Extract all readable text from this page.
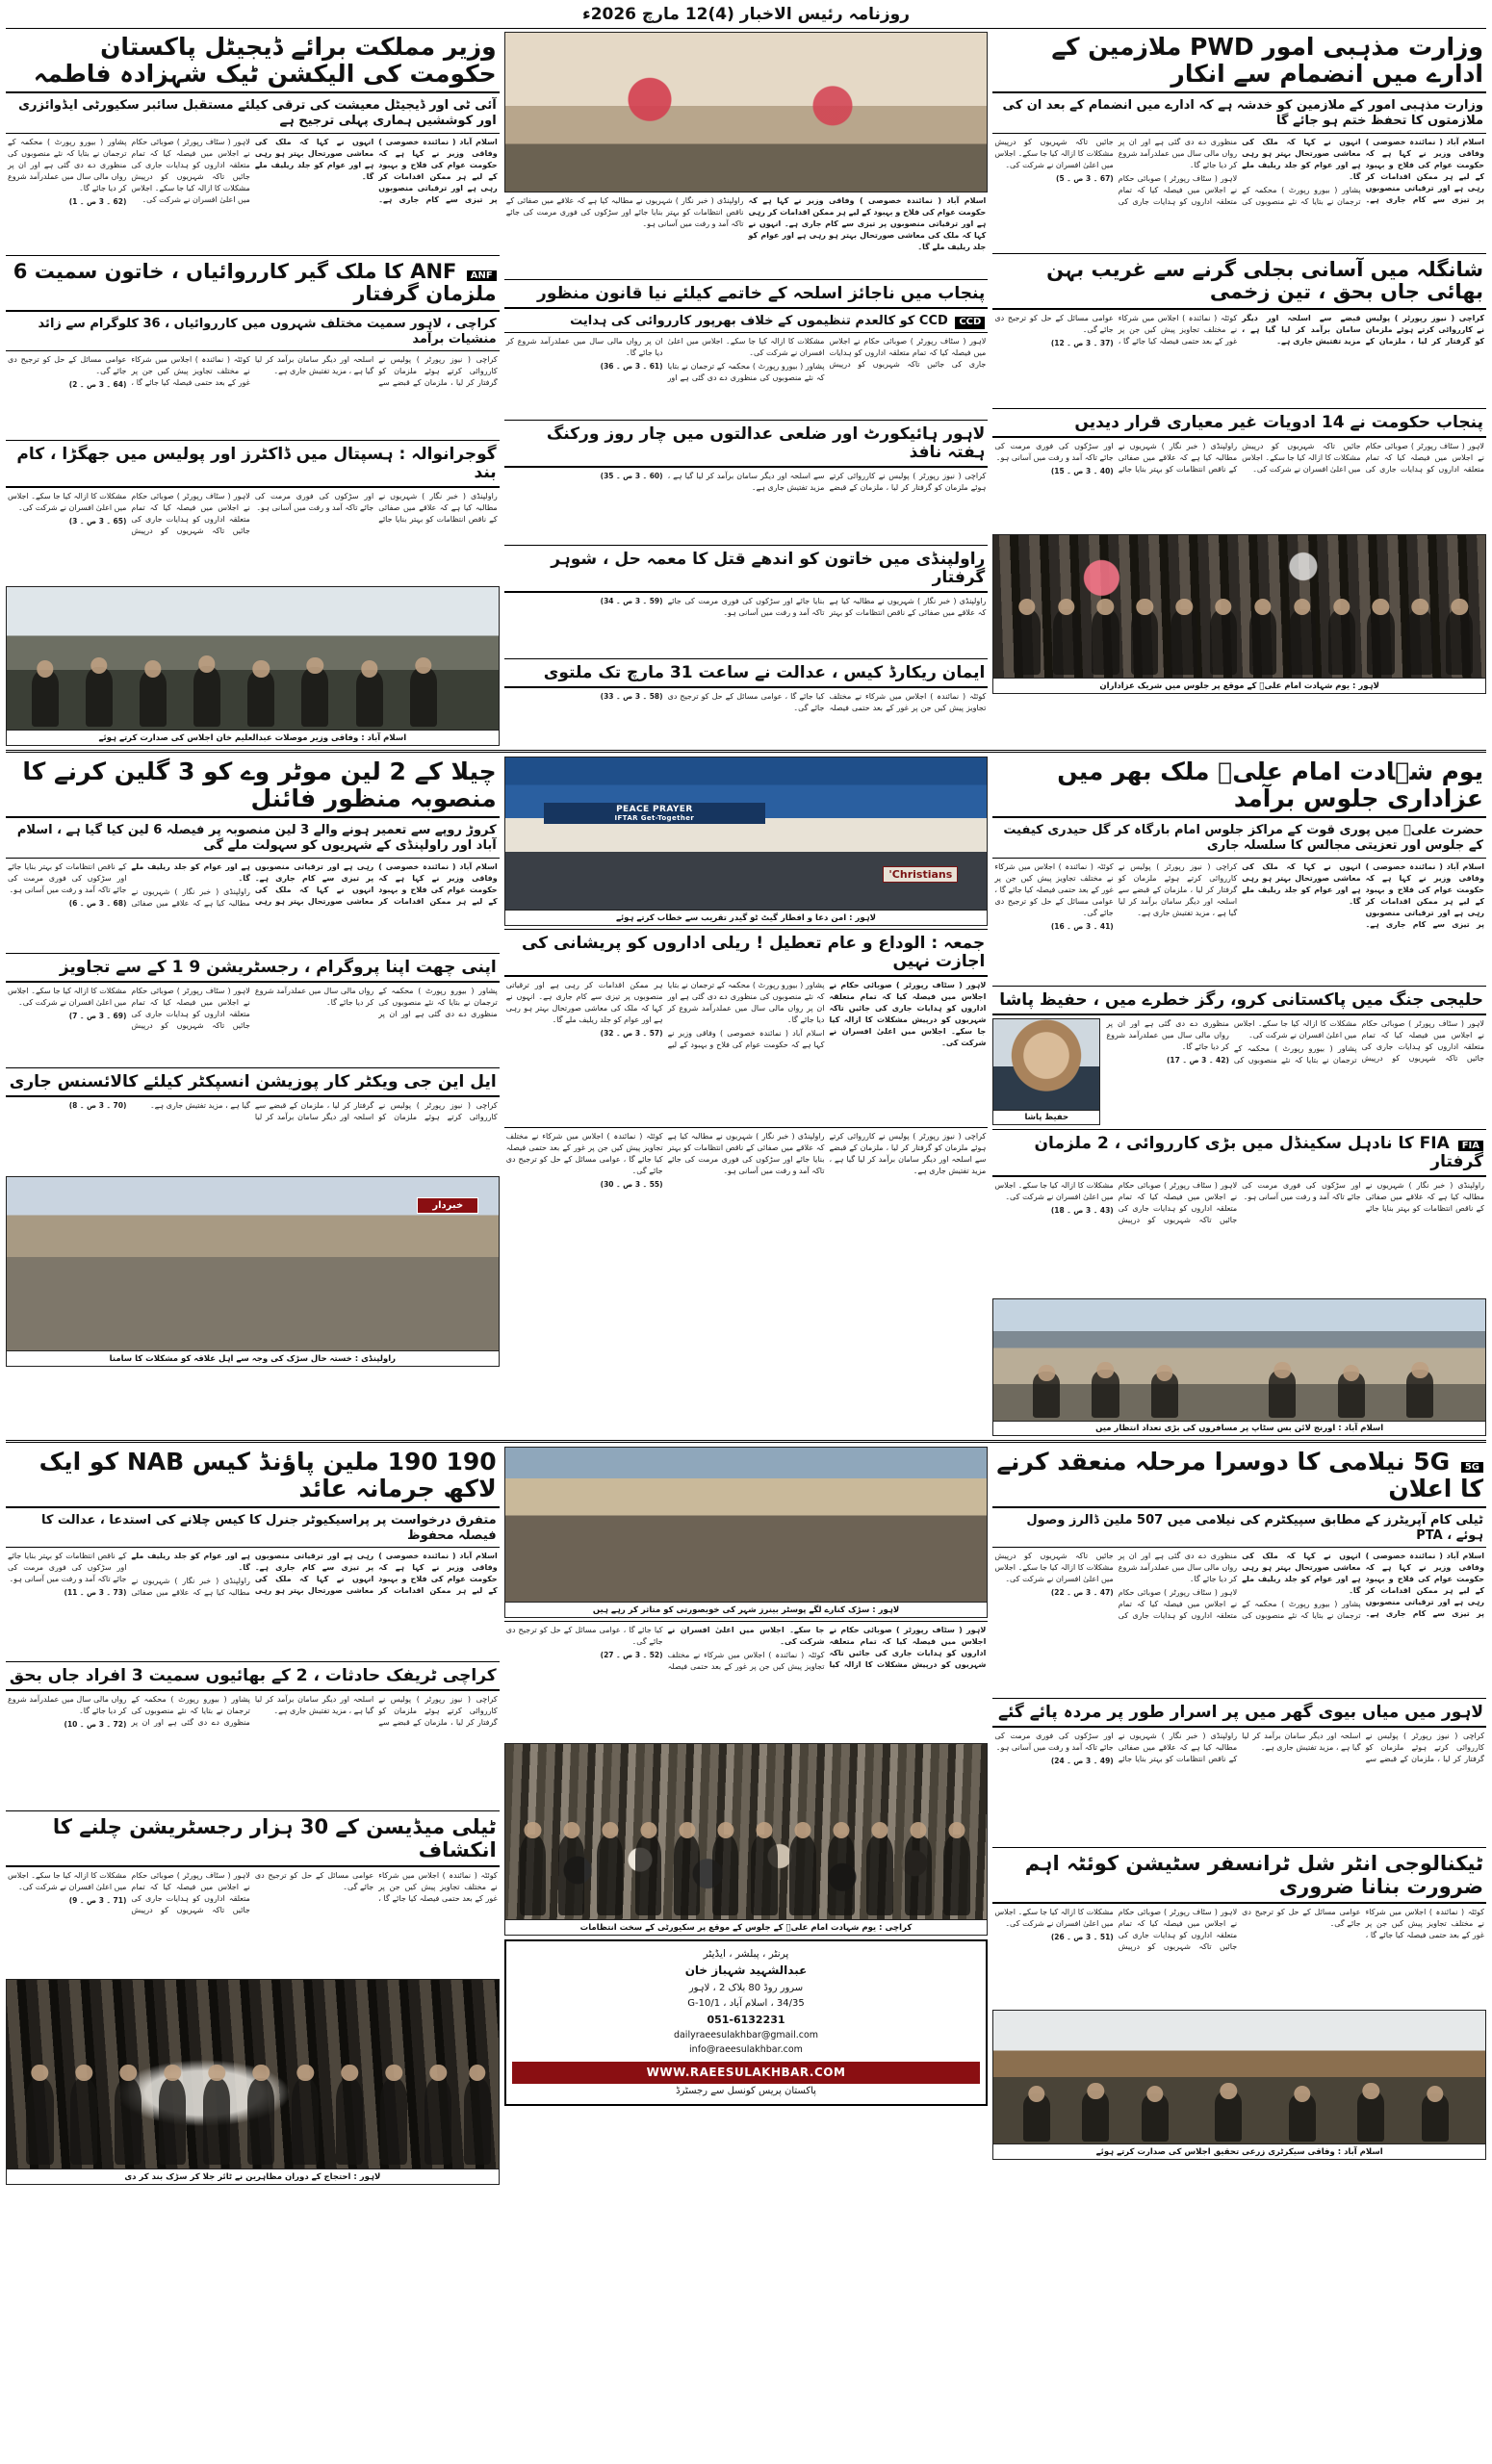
روزنامہ رئیس الاخبار (4)12 مارچ 2026ء
وزارت مذہبی امور PWD ملازمین کے ادارے میں انضمام سے انکار
وزارت مذہبی امور کے ملازمین کو خدشہ ہے کہ ادارے میں انضمام کے بعد ان کی ملازمتوں کا تحفظ ختم ہو جائے گا

اسلام آباد ( نمائندہ خصوصی ) وفاقی وزیر نے کہا ہے کہ حکومت عوام کی فلاح و بہبود کے لیے ہر ممکن اقدامات کر رہی ہے اور ترقیاتی منصوبوں پر تیزی سے کام جاری ہے۔ انہوں نے کہا کہ ملک کی معاشی صورتحال بہتر ہو رہی ہے اور عوام کو جلد ریلیف ملے گا۔

پشاور ( بیورو رپورٹ ) محکمہ کے ترجمان نے بتایا کہ نئے منصوبوں کی منظوری دے دی گئی ہے اور ان پر رواں مالی سال میں عملدرآمد شروع کر دیا جائے گا۔

لاہور ( سٹاف رپورٹر ) صوبائی حکام نے اجلاس میں فیصلہ کیا کہ تمام متعلقہ اداروں کو ہدایات جاری کی جائیں تاکہ شہریوں کو درپیش مشکلات کا ازالہ کیا جا سکے۔ اجلاس میں اعلیٰ افسران نے شرکت کی۔

(67 ۔ 3 ص ۔ 5)

شانگلہ میں آسانی بجلی گرنے سے غریب بہن بھائی جاں بحق ، تین زخمی

کراچی ( نیوز رپورٹر ) پولیس نے کارروائی کرتے ہوئے ملزمان کو گرفتار کر لیا ، ملزمان کے قبضے سے اسلحہ اور دیگر سامان برآمد کر لیا گیا ہے ، مزید تفتیش جاری ہے۔

کوئٹہ ( نمائندہ ) اجلاس میں شرکاء نے مختلف تجاویز پیش کیں جن پر غور کے بعد حتمی فیصلہ کیا جائے گا ، عوامی مسائل کے حل کو ترجیح دی جائے گی۔

(37 ۔ 3 ص ۔ 12)

پنجاب حکومت نے 14 ادویات غیر معیاری قرار دیدیں

لاہور ( سٹاف رپورٹر ) صوبائی حکام نے اجلاس میں فیصلہ کیا کہ تمام متعلقہ اداروں کو ہدایات جاری کی جائیں تاکہ شہریوں کو درپیش مشکلات کا ازالہ کیا جا سکے۔ اجلاس میں اعلیٰ افسران نے شرکت کی۔

راولپنڈی ( خبر نگار ) شہریوں نے مطالبہ کیا ہے کہ علاقے میں صفائی کے ناقص انتظامات کو بہتر بنایا جائے اور سڑکوں کی فوری مرمت کی جائے تاکہ آمد و رفت میں آسانی ہو۔

(40 ۔ 3 ص ۔ 15)

لاہور : یوم شہادت امام علیؓ کے موقع پر جلوس میں شریک عزاداران

اسلام آباد ( نمائندہ خصوصی ) وفاقی وزیر نے کہا ہے کہ حکومت عوام کی فلاح و بہبود کے لیے ہر ممکن اقدامات کر رہی ہے اور ترقیاتی منصوبوں پر تیزی سے کام جاری ہے۔ انہوں نے کہا کہ ملک کی معاشی صورتحال بہتر ہو رہی ہے اور عوام کو جلد ریلیف ملے گا۔

راولپنڈی ( خبر نگار ) شہریوں نے مطالبہ کیا ہے کہ علاقے میں صفائی کے ناقص انتظامات کو بہتر بنایا جائے اور سڑکوں کی فوری مرمت کی جائے تاکہ آمد و رفت میں آسانی ہو۔

پنجاب میں ناجائز اسلحہ کے خاتمے کیلئے نیا قانون منظور
CCD CCD کو کالعدم تنظیموں کے خلاف بھرپور کارروائی کی ہدایت

لاہور ( سٹاف رپورٹر ) صوبائی حکام نے اجلاس میں فیصلہ کیا کہ تمام متعلقہ اداروں کو ہدایات جاری کی جائیں تاکہ شہریوں کو درپیش مشکلات کا ازالہ کیا جا سکے۔ اجلاس میں اعلیٰ افسران نے شرکت کی۔

پشاور ( بیورو رپورٹ ) محکمہ کے ترجمان نے بتایا کہ نئے منصوبوں کی منظوری دے دی گئی ہے اور ان پر رواں مالی سال میں عملدرآمد شروع کر دیا جائے گا۔

(61 ۔ 3 ص ۔ 36)

لاہور ہائیکورٹ اور ضلعی عدالتوں میں چار روز ورکنگ ہفتہ نافذ

کراچی ( نیوز رپورٹر ) پولیس نے کارروائی کرتے ہوئے ملزمان کو گرفتار کر لیا ، ملزمان کے قبضے سے اسلحہ اور دیگر سامان برآمد کر لیا گیا ہے ، مزید تفتیش جاری ہے۔

(60 ۔ 3 ص ۔ 35)

راولپنڈی میں خاتون کو اندھے قتل کا معمہ حل ، شوہر گرفتار

راولپنڈی ( خبر نگار ) شہریوں نے مطالبہ کیا ہے کہ علاقے میں صفائی کے ناقص انتظامات کو بہتر بنایا جائے اور سڑکوں کی فوری مرمت کی جائے تاکہ آمد و رفت میں آسانی ہو۔

(59 ۔ 3 ص ۔ 34)

ایمان ریکارڈ کیس ، عدالت نے ساعت 31 مارچ تک ملتوی

کوئٹہ ( نمائندہ ) اجلاس میں شرکاء نے مختلف تجاویز پیش کیں جن پر غور کے بعد حتمی فیصلہ کیا جائے گا ، عوامی مسائل کے حل کو ترجیح دی جائے گی۔

(58 ۔ 3 ص ۔ 33)

وزیر مملکت برائے ڈیجیٹل پاکستان حکومت کی الیکشن ٹیک شہزادہ فاطمہ
آئی ٹی اور ڈیجیٹل معیشت کی ترقی کیلئے مستقبل سائبر سکیورٹی ایڈوائزری اور کوششیں ہماری پہلی ترجیح ہے

اسلام آباد ( نمائندہ خصوصی ) وفاقی وزیر نے کہا ہے کہ حکومت عوام کی فلاح و بہبود کے لیے ہر ممکن اقدامات کر رہی ہے اور ترقیاتی منصوبوں پر تیزی سے کام جاری ہے۔ انہوں نے کہا کہ ملک کی معاشی صورتحال بہتر ہو رہی ہے اور عوام کو جلد ریلیف ملے گا۔

لاہور ( سٹاف رپورٹر ) صوبائی حکام نے اجلاس میں فیصلہ کیا کہ تمام متعلقہ اداروں کو ہدایات جاری کی جائیں تاکہ شہریوں کو درپیش مشکلات کا ازالہ کیا جا سکے۔ اجلاس میں اعلیٰ افسران نے شرکت کی۔

پشاور ( بیورو رپورٹ ) محکمہ کے ترجمان نے بتایا کہ نئے منصوبوں کی منظوری دے دی گئی ہے اور ان پر رواں مالی سال میں عملدرآمد شروع کر دیا جائے گا۔

(62 ۔ 3 ص ۔ 1)

ANF ANF کا ملک گیر کارروائیاں ، خاتون سمیت 6 ملزمان گرفتار
کراچی ، لاہور سمیت مختلف شہروں میں کارروائیاں ، 36 کلوگرام سے زائد منشیات برآمد

کراچی ( نیوز رپورٹر ) پولیس نے کارروائی کرتے ہوئے ملزمان کو گرفتار کر لیا ، ملزمان کے قبضے سے اسلحہ اور دیگر سامان برآمد کر لیا گیا ہے ، مزید تفتیش جاری ہے۔

کوئٹہ ( نمائندہ ) اجلاس میں شرکاء نے مختلف تجاویز پیش کیں جن پر غور کے بعد حتمی فیصلہ کیا جائے گا ، عوامی مسائل کے حل کو ترجیح دی جائے گی۔

(64 ۔ 3 ص ۔ 2)

گوجرانوالہ : ہسپتال میں ڈاکٹرز اور پولیس میں جھگڑا ، کام بند

راولپنڈی ( خبر نگار ) شہریوں نے مطالبہ کیا ہے کہ علاقے میں صفائی کے ناقص انتظامات کو بہتر بنایا جائے اور سڑکوں کی فوری مرمت کی جائے تاکہ آمد و رفت میں آسانی ہو۔

لاہور ( سٹاف رپورٹر ) صوبائی حکام نے اجلاس میں فیصلہ کیا کہ تمام متعلقہ اداروں کو ہدایات جاری کی جائیں تاکہ شہریوں کو درپیش مشکلات کا ازالہ کیا جا سکے۔ اجلاس میں اعلیٰ افسران نے شرکت کی۔

(65 ۔ 3 ص ۔ 3)

اسلام آباد : وفاقی وزیر موصلات عبدالعلیم خان اجلاس کی صدارت کرتے ہوئے
یوم شہادت امام علیؓ ملک بھر میں عزاداری جلوس برآمد
حضرت علیؓ میں پوری قوت کے مراکز جلوس امام بارگاہ کر گل حیدری کیفیت کے جلوس اور تعزیتی مجالس کا سلسلہ جاری

اسلام آباد ( نمائندہ خصوصی ) وفاقی وزیر نے کہا ہے کہ حکومت عوام کی فلاح و بہبود کے لیے ہر ممکن اقدامات کر رہی ہے اور ترقیاتی منصوبوں پر تیزی سے کام جاری ہے۔ انہوں نے کہا کہ ملک کی معاشی صورتحال بہتر ہو رہی ہے اور عوام کو جلد ریلیف ملے گا۔

کراچی ( نیوز رپورٹر ) پولیس نے کارروائی کرتے ہوئے ملزمان کو گرفتار کر لیا ، ملزمان کے قبضے سے اسلحہ اور دیگر سامان برآمد کر لیا گیا ہے ، مزید تفتیش جاری ہے۔

کوئٹہ ( نمائندہ ) اجلاس میں شرکاء نے مختلف تجاویز پیش کیں جن پر غور کے بعد حتمی فیصلہ کیا جائے گا ، عوامی مسائل کے حل کو ترجیح دی جائے گی۔

(41 ۔ 3 ص ۔ 16)

حلیجی جنگ میں پاکستانی کرو، رگز خطرے میں ، حفیظ پاشا

لاہور ( سٹاف رپورٹر ) صوبائی حکام نے اجلاس میں فیصلہ کیا کہ تمام متعلقہ اداروں کو ہدایات جاری کی جائیں تاکہ شہریوں کو درپیش مشکلات کا ازالہ کیا جا سکے۔ اجلاس میں اعلیٰ افسران نے شرکت کی۔

پشاور ( بیورو رپورٹ ) محکمہ کے ترجمان نے بتایا کہ نئے منصوبوں کی منظوری دے دی گئی ہے اور ان پر رواں مالی سال میں عملدرآمد شروع کر دیا جائے گا۔

(42 ۔ 3 ص ۔ 17)

حفیظ پاشا
FIA FIA کا نادہل سکینڈل میں بڑی کارروائی ، 2 ملزمان گرفتار

راولپنڈی ( خبر نگار ) شہریوں نے مطالبہ کیا ہے کہ علاقے میں صفائی کے ناقص انتظامات کو بہتر بنایا جائے اور سڑکوں کی فوری مرمت کی جائے تاکہ آمد و رفت میں آسانی ہو۔

لاہور ( سٹاف رپورٹر ) صوبائی حکام نے اجلاس میں فیصلہ کیا کہ تمام متعلقہ اداروں کو ہدایات جاری کی جائیں تاکہ شہریوں کو درپیش مشکلات کا ازالہ کیا جا سکے۔ اجلاس میں اعلیٰ افسران نے شرکت کی۔

(43 ۔ 3 ص ۔ 18)

اسلام آباد : اورنج لائن بس سٹاپ پر مسافروں کی بڑی تعداد انتظار میں
PEACE PRAYER
IFTAR Get-Together
Christians'
لاہور : امن دعا و افطار گیٹ ٹو گیدر تقریب سے خطاب کرتے ہوئے
جمعہ : الوداع و عام تعطیل ! ریلی اداروں کو پریشانی کی اجازت نہیں

لاہور ( سٹاف رپورٹر ) صوبائی حکام نے اجلاس میں فیصلہ کیا کہ تمام متعلقہ اداروں کو ہدایات جاری کی جائیں تاکہ شہریوں کو درپیش مشکلات کا ازالہ کیا جا سکے۔ اجلاس میں اعلیٰ افسران نے شرکت کی۔

پشاور ( بیورو رپورٹ ) محکمہ کے ترجمان نے بتایا کہ نئے منصوبوں کی منظوری دے دی گئی ہے اور ان پر رواں مالی سال میں عملدرآمد شروع کر دیا جائے گا۔

اسلام آباد ( نمائندہ خصوصی ) وفاقی وزیر نے کہا ہے کہ حکومت عوام کی فلاح و بہبود کے لیے ہر ممکن اقدامات کر رہی ہے اور ترقیاتی منصوبوں پر تیزی سے کام جاری ہے۔ انہوں نے کہا کہ ملک کی معاشی صورتحال بہتر ہو رہی ہے اور عوام کو جلد ریلیف ملے گا۔

(57 ۔ 3 ص ۔ 32)

کراچی ( نیوز رپورٹر ) پولیس نے کارروائی کرتے ہوئے ملزمان کو گرفتار کر لیا ، ملزمان کے قبضے سے اسلحہ اور دیگر سامان برآمد کر لیا گیا ہے ، مزید تفتیش جاری ہے۔

راولپنڈی ( خبر نگار ) شہریوں نے مطالبہ کیا ہے کہ علاقے میں صفائی کے ناقص انتظامات کو بہتر بنایا جائے اور سڑکوں کی فوری مرمت کی جائے تاکہ آمد و رفت میں آسانی ہو۔

کوئٹہ ( نمائندہ ) اجلاس میں شرکاء نے مختلف تجاویز پیش کیں جن پر غور کے بعد حتمی فیصلہ کیا جائے گا ، عوامی مسائل کے حل کو ترجیح دی جائے گی۔

(55 ۔ 3 ص ۔ 30)

چیلا کے 2 لین موٹر وے کو 3 گلین کرنے کا منصوبہ منظور فائنل
کروڑ روپے سے تعمیر ہونے والے 3 لین منصوبہ پر فیصلہ 6 لین کیا گیا ہے ، اسلام آباد اور راولپنڈی کے شہریوں کو سہولت ملے گی

اسلام آباد ( نمائندہ خصوصی ) وفاقی وزیر نے کہا ہے کہ حکومت عوام کی فلاح و بہبود کے لیے ہر ممکن اقدامات کر رہی ہے اور ترقیاتی منصوبوں پر تیزی سے کام جاری ہے۔ انہوں نے کہا کہ ملک کی معاشی صورتحال بہتر ہو رہی ہے اور عوام کو جلد ریلیف ملے گا۔

راولپنڈی ( خبر نگار ) شہریوں نے مطالبہ کیا ہے کہ علاقے میں صفائی کے ناقص انتظامات کو بہتر بنایا جائے اور سڑکوں کی فوری مرمت کی جائے تاکہ آمد و رفت میں آسانی ہو۔

(68 ۔ 3 ص ۔ 6)

اپنی چھت اپنا پروگرام ، رجسٹریشن 9 1 کے سے تجاویز

پشاور ( بیورو رپورٹ ) محکمہ کے ترجمان نے بتایا کہ نئے منصوبوں کی منظوری دے دی گئی ہے اور ان پر رواں مالی سال میں عملدرآمد شروع کر دیا جائے گا۔

لاہور ( سٹاف رپورٹر ) صوبائی حکام نے اجلاس میں فیصلہ کیا کہ تمام متعلقہ اداروں کو ہدایات جاری کی جائیں تاکہ شہریوں کو درپیش مشکلات کا ازالہ کیا جا سکے۔ اجلاس میں اعلیٰ افسران نے شرکت کی۔

(69 ۔ 3 ص ۔ 7)

ایل این جی ویکٹر کار پوزیشن انسپکٹر کیلئے کالائسنس جاری

کراچی ( نیوز رپورٹر ) پولیس نے کارروائی کرتے ہوئے ملزمان کو گرفتار کر لیا ، ملزمان کے قبضے سے اسلحہ اور دیگر سامان برآمد کر لیا گیا ہے ، مزید تفتیش جاری ہے۔

(70 ۔ 3 ص ۔ 8)

خبردار
راولپنڈی : خستہ حال سڑک کی وجہ سے اہل علاقہ کو مشکلات کا سامنا
5G 5G نیلامی کا دوسرا مرحلہ منعقد کرنے کا اعلان
ٹیلی کام آپریٹرز کے مطابق سپیکٹرم کی نیلامی میں 507 ملین ڈالرز وصول ہوئے ، PTA

اسلام آباد ( نمائندہ خصوصی ) وفاقی وزیر نے کہا ہے کہ حکومت عوام کی فلاح و بہبود کے لیے ہر ممکن اقدامات کر رہی ہے اور ترقیاتی منصوبوں پر تیزی سے کام جاری ہے۔ انہوں نے کہا کہ ملک کی معاشی صورتحال بہتر ہو رہی ہے اور عوام کو جلد ریلیف ملے گا۔

پشاور ( بیورو رپورٹ ) محکمہ کے ترجمان نے بتایا کہ نئے منصوبوں کی منظوری دے دی گئی ہے اور ان پر رواں مالی سال میں عملدرآمد شروع کر دیا جائے گا۔

لاہور ( سٹاف رپورٹر ) صوبائی حکام نے اجلاس میں فیصلہ کیا کہ تمام متعلقہ اداروں کو ہدایات جاری کی جائیں تاکہ شہریوں کو درپیش مشکلات کا ازالہ کیا جا سکے۔ اجلاس میں اعلیٰ افسران نے شرکت کی۔

(47 ۔ 3 ص ۔ 22)

لاہور میں میاں بیوی گھر میں پر اسرار طور پر مردہ پائے گئے

کراچی ( نیوز رپورٹر ) پولیس نے کارروائی کرتے ہوئے ملزمان کو گرفتار کر لیا ، ملزمان کے قبضے سے اسلحہ اور دیگر سامان برآمد کر لیا گیا ہے ، مزید تفتیش جاری ہے۔

راولپنڈی ( خبر نگار ) شہریوں نے مطالبہ کیا ہے کہ علاقے میں صفائی کے ناقص انتظامات کو بہتر بنایا جائے اور سڑکوں کی فوری مرمت کی جائے تاکہ آمد و رفت میں آسانی ہو۔

(49 ۔ 3 ص ۔ 24)

ٹیکنالوجی انٹر شل ٹرانسفر سٹیشن کوئٹہ اہم ضرورت بنانا ضروری

کوئٹہ ( نمائندہ ) اجلاس میں شرکاء نے مختلف تجاویز پیش کیں جن پر غور کے بعد حتمی فیصلہ کیا جائے گا ، عوامی مسائل کے حل کو ترجیح دی جائے گی۔

لاہور ( سٹاف رپورٹر ) صوبائی حکام نے اجلاس میں فیصلہ کیا کہ تمام متعلقہ اداروں کو ہدایات جاری کی جائیں تاکہ شہریوں کو درپیش مشکلات کا ازالہ کیا جا سکے۔ اجلاس میں اعلیٰ افسران نے شرکت کی۔

(51 ۔ 3 ص ۔ 26)

اسلام آباد : وفاقی سیکرٹری زرعی تحقیق اجلاس کی صدارت کرتے ہوئے
لاہور : سڑک کنارے لگے پوسٹر بینرز شہر کی خوبصورتی کو متاثر کر رہے ہیں

لاہور ( سٹاف رپورٹر ) صوبائی حکام نے اجلاس میں فیصلہ کیا کہ تمام متعلقہ اداروں کو ہدایات جاری کی جائیں تاکہ شہریوں کو درپیش مشکلات کا ازالہ کیا جا سکے۔ اجلاس میں اعلیٰ افسران نے شرکت کی۔

کوئٹہ ( نمائندہ ) اجلاس میں شرکاء نے مختلف تجاویز پیش کیں جن پر غور کے بعد حتمی فیصلہ کیا جائے گا ، عوامی مسائل کے حل کو ترجیح دی جائے گی۔

(52 ۔ 3 ص ۔ 27)

کراچی : یوم شہادت امام علیؓ کے جلوس کے موقع پر سکیورٹی کے سخت انتظامات
پرنٹر ، پبلشر ، ایڈیٹر
عبدالشہید شہباز خان
سرور روڈ 80 بلاک 2 ، لاہور
34/35 ، اسلام آباد ، G-10/1
051-6132231
dailyraeesulakhbar@gmail.com
info@raeesulakhbar.com
WWW.RAEESULAKHBAR.COM
پاکستان پریس کونسل سے رجسٹرڈ
190 190 ملین پاؤنڈ کیس NAB کو ایک لاکھ جرمانہ عائد
متفرق درخواست پر پراسیکیوٹر جنرل کا کیس چلانے کی استدعا ، عدالت کا فیصلہ محفوظ

اسلام آباد ( نمائندہ خصوصی ) وفاقی وزیر نے کہا ہے کہ حکومت عوام کی فلاح و بہبود کے لیے ہر ممکن اقدامات کر رہی ہے اور ترقیاتی منصوبوں پر تیزی سے کام جاری ہے۔ انہوں نے کہا کہ ملک کی معاشی صورتحال بہتر ہو رہی ہے اور عوام کو جلد ریلیف ملے گا۔

راولپنڈی ( خبر نگار ) شہریوں نے مطالبہ کیا ہے کہ علاقے میں صفائی کے ناقص انتظامات کو بہتر بنایا جائے اور سڑکوں کی فوری مرمت کی جائے تاکہ آمد و رفت میں آسانی ہو۔

(73 ۔ 3 ص ۔ 11)

کراچی ٹریفک حادثات ، 2 کے بھائیوں سمیت 3 افراد جاں بحق

کراچی ( نیوز رپورٹر ) پولیس نے کارروائی کرتے ہوئے ملزمان کو گرفتار کر لیا ، ملزمان کے قبضے سے اسلحہ اور دیگر سامان برآمد کر لیا گیا ہے ، مزید تفتیش جاری ہے۔

پشاور ( بیورو رپورٹ ) محکمہ کے ترجمان نے بتایا کہ نئے منصوبوں کی منظوری دے دی گئی ہے اور ان پر رواں مالی سال میں عملدرآمد شروع کر دیا جائے گا۔

(72 ۔ 3 ص ۔ 10)

ٹیلی میڈیسن کے 30 ہزار رجسٹریشن چلنے کا انکشاف

کوئٹہ ( نمائندہ ) اجلاس میں شرکاء نے مختلف تجاویز پیش کیں جن پر غور کے بعد حتمی فیصلہ کیا جائے گا ، عوامی مسائل کے حل کو ترجیح دی جائے گی۔

لاہور ( سٹاف رپورٹر ) صوبائی حکام نے اجلاس میں فیصلہ کیا کہ تمام متعلقہ اداروں کو ہدایات جاری کی جائیں تاکہ شہریوں کو درپیش مشکلات کا ازالہ کیا جا سکے۔ اجلاس میں اعلیٰ افسران نے شرکت کی۔

(71 ۔ 3 ص ۔ 9)

لاہور : احتجاج کے دوران مظاہرین نے ٹائر جلا کر سڑک بند کر دی
